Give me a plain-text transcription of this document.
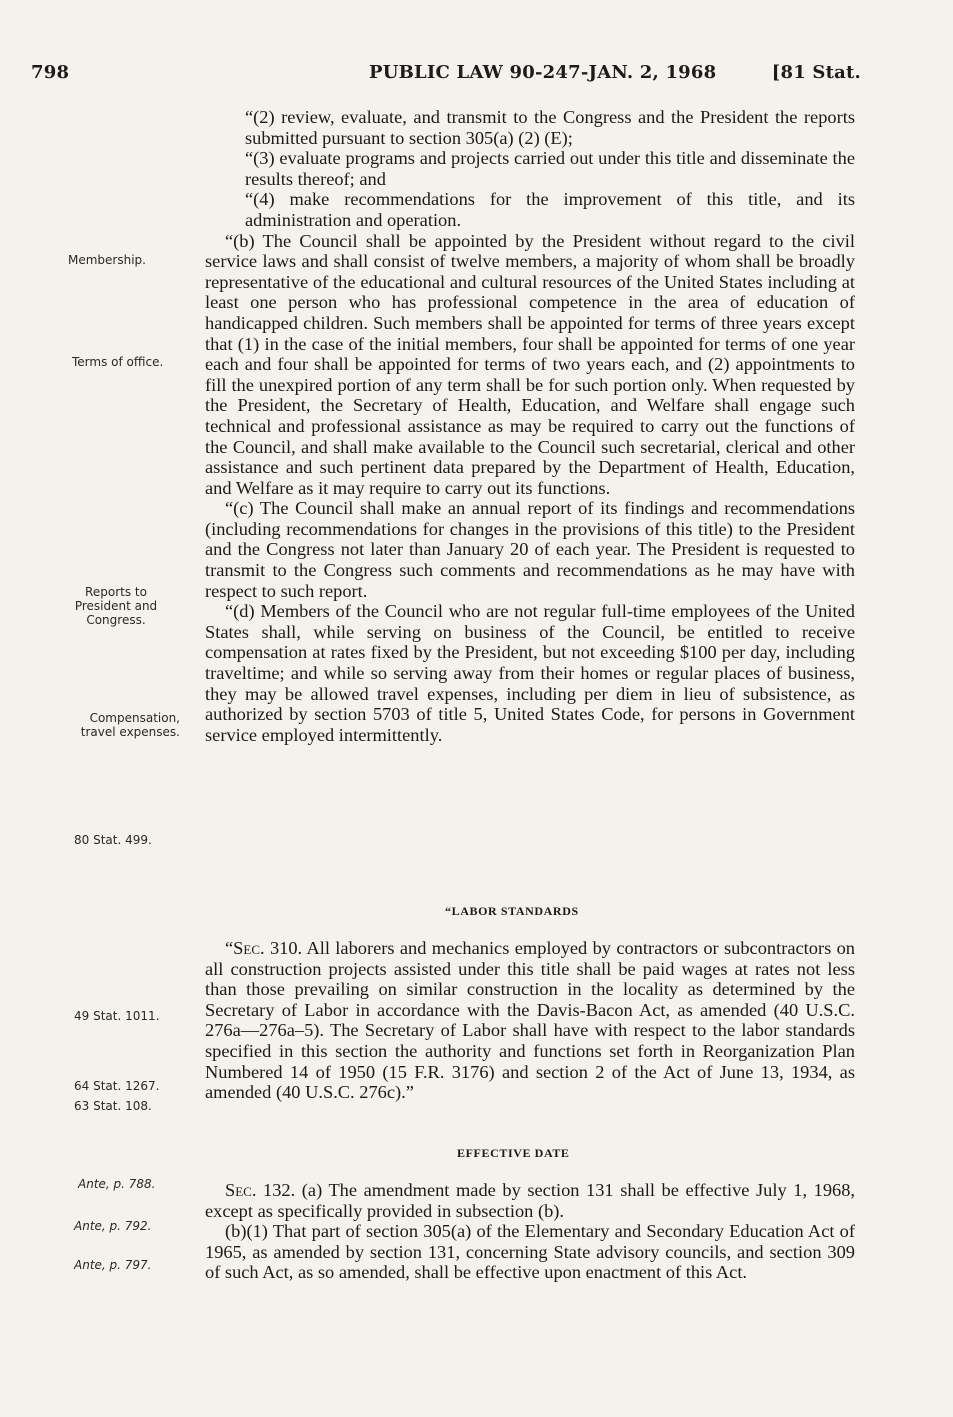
798	PUBLIC LAW 90-247-JAN. 2, 1968	[81 Stat.
Membership.
Terms of office.
Reports to
President and
Congress.
Compensation,
travel expenses.
80 Stat. 499.
49 Stat. 1011.
64 Stat. 1267.
63 Stat. 108.
Ante, p. 788.
Ante, p. 792.
Ante, p. 797.

“(2) review, evaluate, and transmit to the Congress and the President the reports submitted pursuant to section 305(a) (2) (E);

“(3) evaluate programs and projects carried out under this title and disseminate the results thereof; and

“(4) make recommendations for the improvement of this title, and its administration and operation.

“(b) The Council shall be appointed by the President without regard to the civil service laws and shall consist of twelve members, a majority of whom shall be broadly representative of the educational and cultural resources of the United States including at least one person who has professional competence in the area of education of handicapped children. Such members shall be appointed for terms of three years except that (1) in the case of the initial members, four shall be appointed for terms of one year each and four shall be appointed for terms of two years each, and (2) appointments to fill the unexpired portion of any term shall be for such portion only. When requested by the President, the Secretary of Health, Education, and Welfare shall engage such technical and professional assistance as may be required to carry out the functions of the Council, and shall make available to the Council such secretarial, clerical and other assistance and such pertinent data prepared by the Department of Health, Education, and Welfare as it may require to carry out its functions.

“(c) The Council shall make an annual report of its findings and recommendations (including recommendations for changes in the provisions of this title) to the President and the Congress not later than January 20 of each year. The President is requested to transmit to the Congress such comments and recommendations as he may have with respect to such report.

“(d) Members of the Council who are not regular full-time employees of the United States shall, while serving on business of the Council, be entitled to receive compensation at rates fixed by the President, but not exceeding $100 per day, including traveltime; and while so serving away from their homes or regular places of business, they may be allowed travel expenses, including per diem in lieu of subsistence, as authorized by section 5703 of title 5, United States Code, for persons in Government service employed intermittently.

“LABOR STANDARDS

“Sec. 310. All laborers and mechanics employed by contractors or subcontractors on all construction projects assisted under this title shall be paid wages at rates not less than those prevailing on similar construction in the locality as determined by the Secretary of Labor in accordance with the Davis-Bacon Act, as amended (40 U.S.C. 276a—276a–5). The Secretary of Labor shall have with respect to the labor standards specified in this section the authority and functions set forth in Reorganization Plan Numbered 14 of 1950 (15 F.R. 3176) and section 2 of the Act of June 13, 1934, as amended (40 U.S.C. 276c).”

EFFECTIVE DATE

Sec. 132. (a) The amendment made by section 131 shall be effective July 1, 1968, except as specifically provided in subsection (b).

(b)(1) That part of section 305(a) of the Elementary and Secondary Education Act of 1965, as amended by section 131, concerning State advisory councils, and section 309 of such Act, as so amended, shall be effective upon enactment of this Act.
